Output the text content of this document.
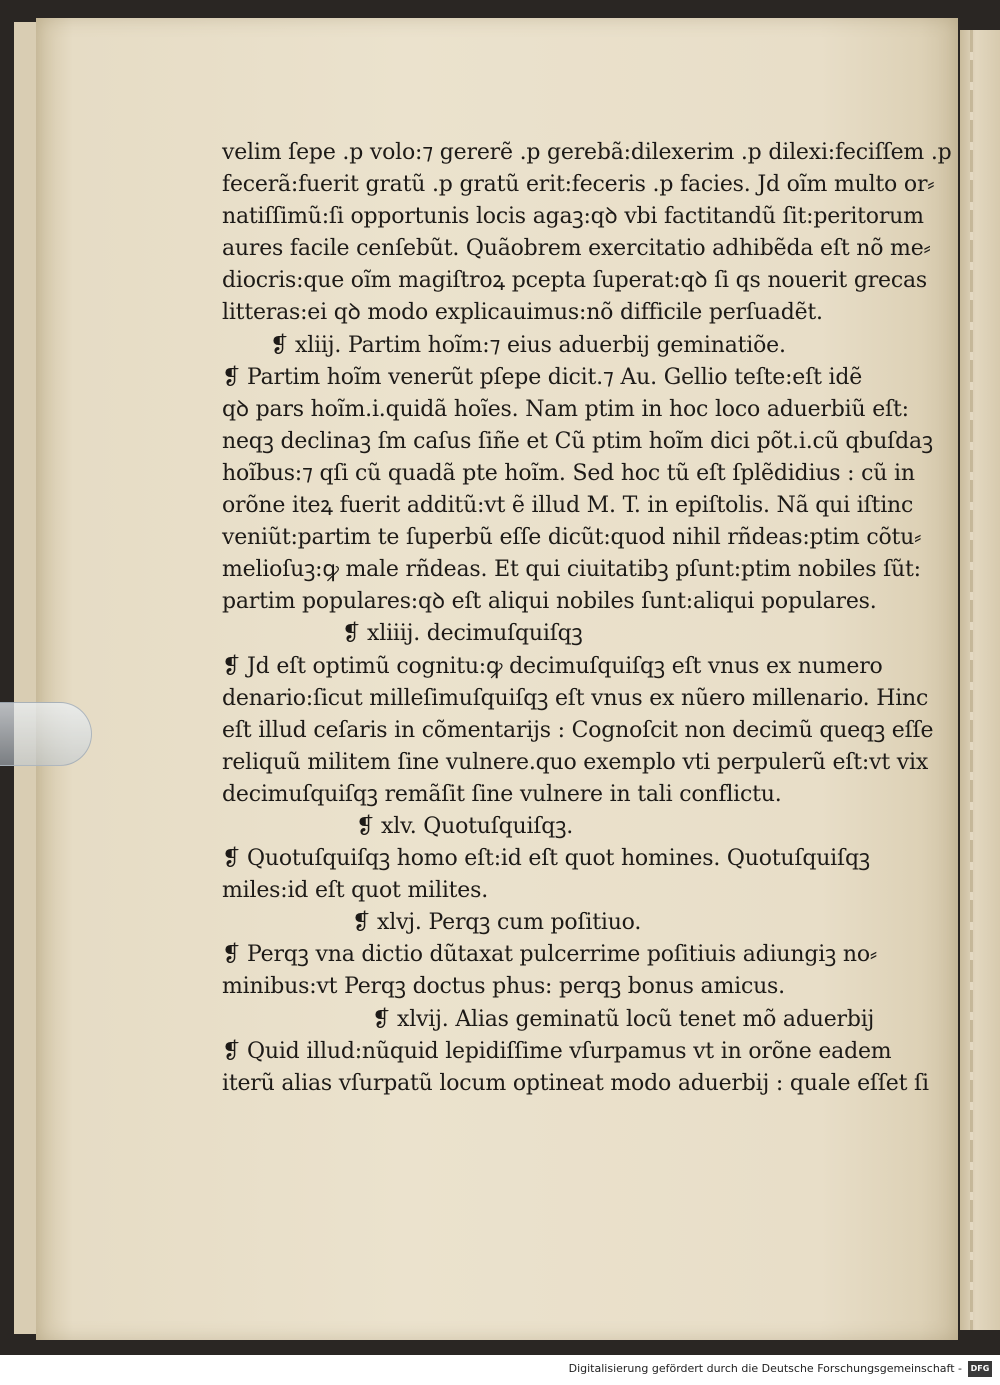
velim ſepe .p volo:⁊ gererẽ .p gerebã:dilexerim .p dilexi:feciſſem .p
fecerã:fuerit gratũ .p gratũ erit:feceris .p facies. Jd oĩm multo or⸗
natiſſimũ:ſi opportunis locis agaꝫ:qꝺ vbi factitandũ ſit:peritorum
aures facile cenſebũt. Quãobrem exercitatio adhibẽda eſt nõ me⸗
diocris:que oĩm magiſtroꝝ pcepta ſuperat:qꝺ ſi qs nouerit grecas
litteras:ei qꝺ modo explicauimus:nõ difficile perſuadẽt.
❡ xliij. Partim hoĩm:⁊ eius aduerbij geminatiõe.
❡ Partim hoĩm venerũt pſepe dicit.⁊ Au. Gellio teſte:eſt idẽ
qꝺ pars hoĩm.i.quidã hoĩes. Nam ptim in hoc loco aduerbiũ eſt:
neqꝫ declinaꝫ ſm caſus ſiñe et Cũ ptim hoĩm dici põt.i.cũ qbuſdaꝫ
hoĩbus:⁊ qſi cũ quadã pte hoĩm. Sed hoc tũ eſt ſplẽdidius : cũ in
orõne iteꝝ fuerit additũ:vt ẽ illud M. T. in epiſtolis. Nã qui iſtinc
veniũt:partim te ſuperbũ eſſe dicũt:quod nihil rñdeas:ptim cõtu⸗
melioſuꝫ:ꝙ male rñdeas. Et qui ciuitatibꝫ pſunt:ptim nobiles ſũt:
partim populares:qꝺ eſt aliqui nobiles ſunt:aliqui populares.
❡ xliiij. decimuſquiſqꝫ
❡ Jd eſt optimũ cognitu:ꝙ decimuſquiſqꝫ eſt vnus ex numero
denario:ſicut milleſimuſquiſqꝫ eſt vnus ex nũero millenario. Hinc
eſt illud ceſaris in cõmentarijs : Cognoſcit non decimũ queqꝫ eſſe
reliquũ militem ſine vulnere.quo exemplo vti perpulerũ eſt:vt vix
decimuſquiſqꝫ remãſit ſine vulnere in tali conflictu.
❡ xlv. Quotuſquiſqꝫ.
❡ Quotuſquiſqꝫ homo eſt:id eſt quot homines. Quotuſquiſqꝫ
miles:id eſt quot milites.
❡ xlvj. Perqꝫ cum poſitiuo.
❡ Perqꝫ vna dictio dũtaxat pulcerrime poſitiuis adiungiꝫ no⸗
minibus:vt Perqꝫ doctus phus: perqꝫ bonus amicus.
❡ xlvij. Alias geminatũ locũ tenet mõ aduerbij
❡ Quid illud:nũquid lepidiſſime vſurpamus vt in orõne eadem
iterũ alias vſurpatũ locum optineat modo aduerbij : quale eſſet ſi
Digitalisierung gefördert durch die Deutsche Forschungsgemeinschaft -	DFG
